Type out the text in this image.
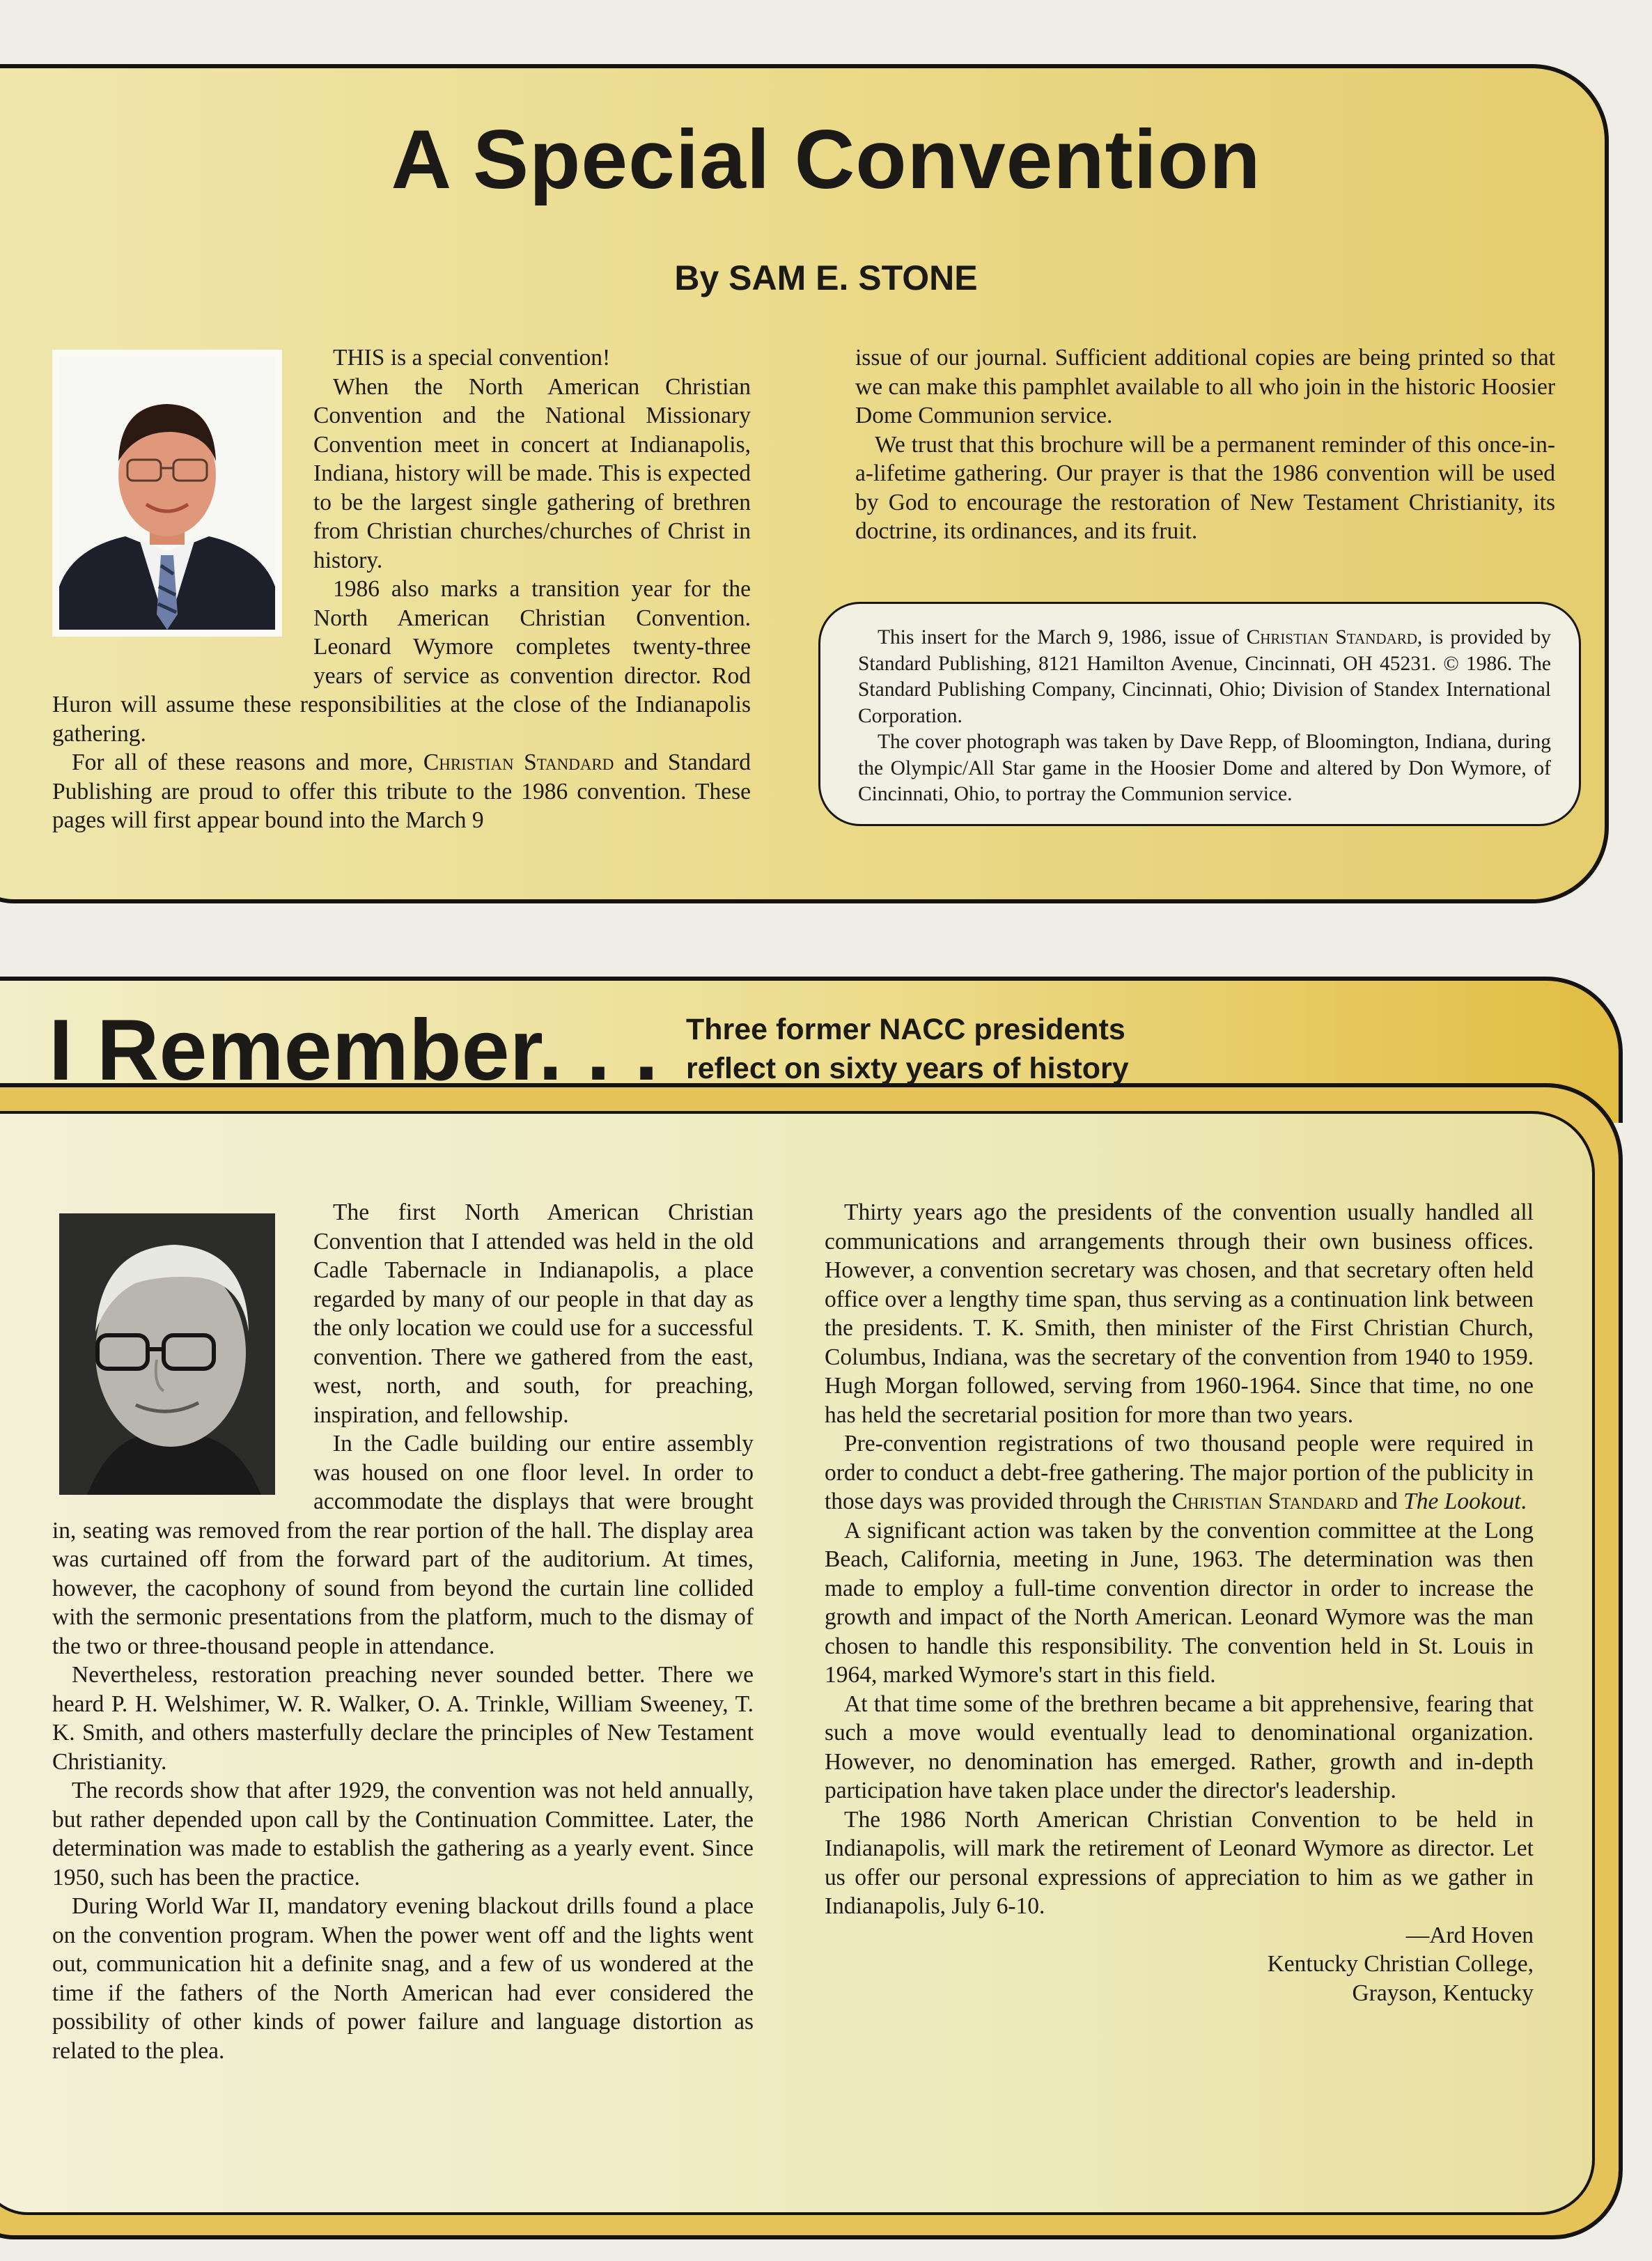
A Special Convention
By SAM E. STONE

THIS is a special convention!

When the North American Christian Convention and the National Missionary Convention meet in concert at Indianapolis, Indiana, history will be made. This is expected to be the largest single gathering of brethren from Christian churches/churches of Christ in history.

1986 also marks a transition year for the North American Christian Convention. Leonard Wymore completes twenty-three years of service as convention director. Rod Huron will assume these responsibilities at the close of the Indianapolis gathering.

For all of these reasons and more, Christian Standard and Standard Publishing are proud to offer this tribute to the 1986 convention. These pages will first appear bound into the March 9

issue of our journal. Sufficient additional copies are being printed so that we can make this pamphlet available to all who join in the historic Hoosier Dome Communion service.

We trust that this brochure will be a permanent reminder of this once-in-a-lifetime gathering. Our prayer is that the 1986 convention will be used by God to encourage the restoration of New Testament Christianity, its doctrine, its ordinances, and its fruit.

This insert for the March 9, 1986, issue of Christian Standard, is provided by Standard Publishing, 8121 Hamilton Avenue, Cincinnati, OH 45231. © 1986. The Standard Publishing Company, Cincinnati, Ohio; Division of Standex International Corporation.

The cover photograph was taken by Dave Repp, of Bloomington, Indiana, during the Olympic/All Star game in the Hoosier Dome and altered by Don Wymore, of Cincinnati, Ohio, to portray the Communion service.

I Remember. . . Three former NACC presidents
reflect on sixty years of history

The first North American Christian Convention that I attended was held in the old Cadle Tabernacle in Indianapolis, a place regarded by many of our people in that day as the only location we could use for a successful convention. There we gathered from the east, west, north, and south, for preaching, inspiration, and fellowship.

In the Cadle building our entire assembly was housed on one floor level. In order to accommodate the displays that were brought in, seating was removed from the rear portion of the hall. The display area was curtained off from the forward part of the auditorium. At times, however, the cacophony of sound from beyond the curtain line collided with the sermonic presentations from the platform, much to the dismay of the two or three-thousand people in attendance.

Nevertheless, restoration preaching never sounded better. There we heard P. H. Welshimer, W. R. Walker, O. A. Trinkle, William Sweeney, T. K. Smith, and others masterfully declare the principles of New Testament Christianity.

The records show that after 1929, the convention was not held annually, but rather depended upon call by the Continuation Committee. Later, the determination was made to establish the gathering as a yearly event. Since 1950, such has been the practice.

During World War II, mandatory evening blackout drills found a place on the convention program. When the power went off and the lights went out, communication hit a definite snag, and a few of us wondered at the time if the fathers of the North American had ever considered the possibility of other kinds of power failure and language distortion as related to the plea.

Thirty years ago the presidents of the convention usually handled all communications and arrangements through their own business offices. However, a convention secretary was chosen, and that secretary often held office over a lengthy time span, thus serving as a continuation link between the presidents. T. K. Smith, then minister of the First Christian Church, Columbus, Indiana, was the secretary of the convention from 1940 to 1959. Hugh Morgan followed, serving from 1960-1964. Since that time, no one has held the secretarial position for more than two years.

Pre-convention registrations of two thousand people were required in order to conduct a debt-free gathering. The major portion of the publicity in those days was provided through the Christian Standard and The Lookout.

A significant action was taken by the convention committee at the Long Beach, California, meeting in June, 1963. The determination was then made to employ a full-time convention director in order to increase the growth and impact of the North American. Leonard Wymore was the man chosen to handle this responsibility. The convention held in St. Louis in 1964, marked Wymore's start in this field.

At that time some of the brethren became a bit apprehensive, fearing that such a move would eventually lead to denominational organization. However, no denomination has emerged. Rather, growth and in-depth participation have taken place under the director's leadership.

The 1986 North American Christian Convention to be held in Indianapolis, will mark the retirement of Leonard Wymore as director. Let us offer our personal expressions of appreciation to him as we gather in Indianapolis, July 6-10.

—Ard Hoven

Kentucky Christian College,

Grayson, Kentucky
